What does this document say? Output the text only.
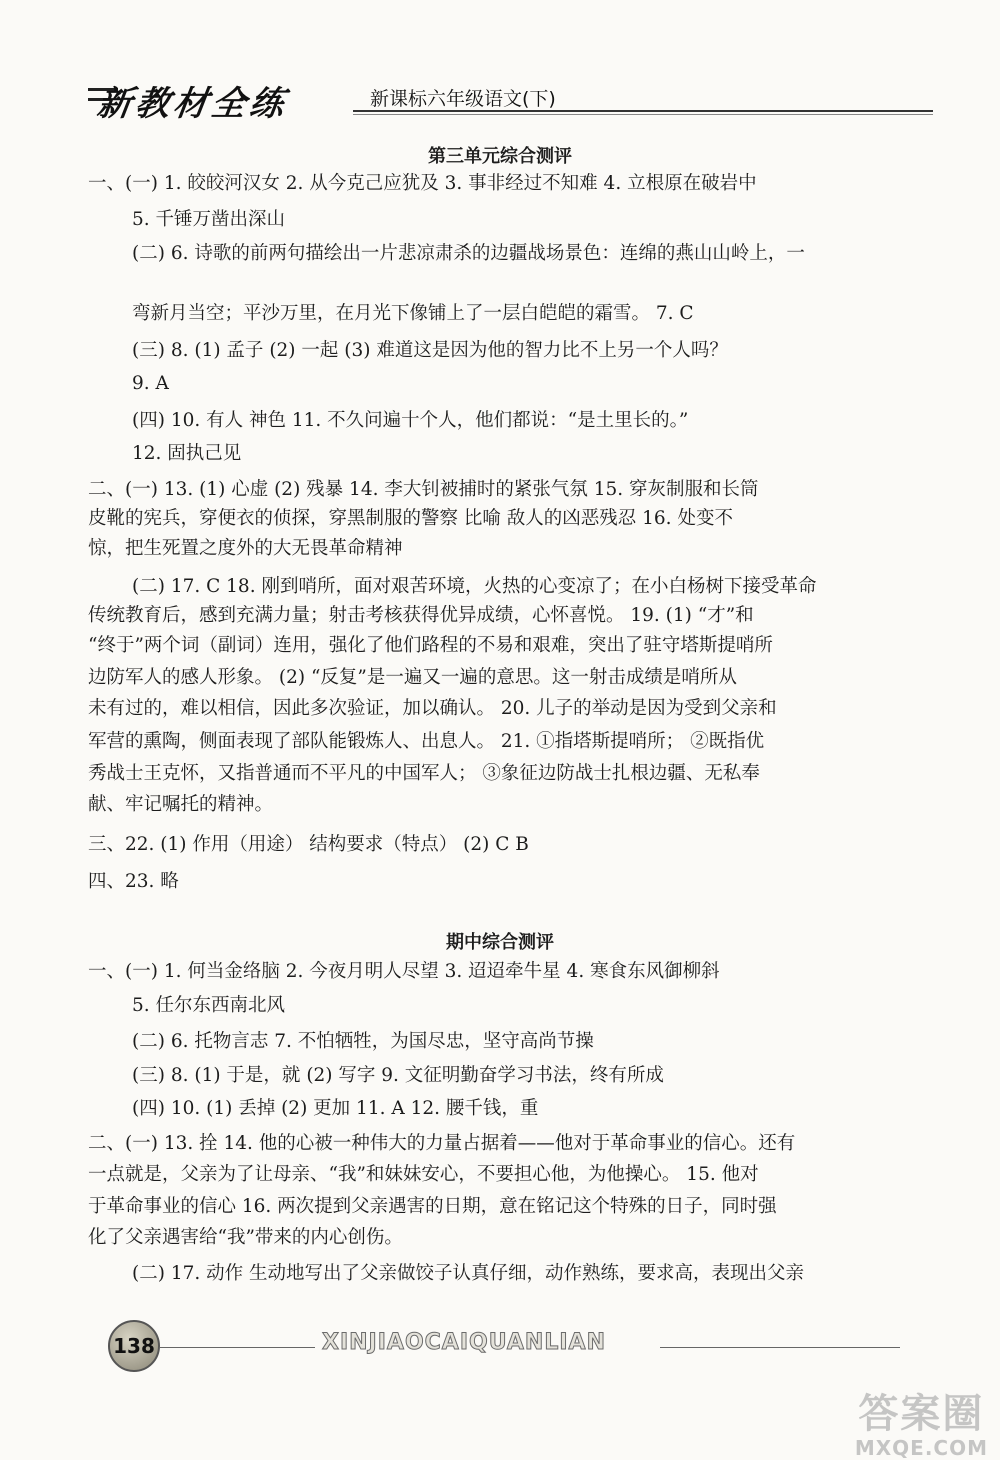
新教材全练	新课标六年级语文(下)
第三单元综合测评
一、(一) 1. 皎皎河汉女 2. 从今克己应犹及 3. 事非经过不知难 4. 立根原在破岩中
5. 千锤万凿出深山
(二) 6. 诗歌的前两句描绘出一片悲凉肃杀的边疆战场景色：连绵的燕山山岭上，一
弯新月当空；平沙万里，在月光下像铺上了一层白皑皑的霜雪。 7. C
(三) 8. (1) 孟子 (2) 一起 (3) 难道这是因为他的智力比不上另一个人吗？
9. A
(四) 10. 有人 神色 11. 不久问遍十个人，他们都说：“是土里长的。”
12. 固执己见
二、(一) 13. (1) 心虚 (2) 残暴 14. 李大钊被捕时的紧张气氛 15. 穿灰制服和长筒
皮靴的宪兵，穿便衣的侦探，穿黑制服的警察 比喻 敌人的凶恶残忍 16. 处变不
惊，把生死置之度外的大无畏革命精神
(二) 17. C 18. 刚到哨所，面对艰苦环境，火热的心变凉了；在小白杨树下接受革命
传统教育后，感到充满力量；射击考核获得优异成绩，心怀喜悦。 19. (1) “才”和
“终于”两个词（副词）连用，强化了他们路程的不易和艰难，突出了驻守塔斯提哨所
边防军人的感人形象。 (2) “反复”是一遍又一遍的意思。这一射击成绩是哨所从
未有过的，难以相信，因此多次验证，加以确认。 20. 儿子的举动是因为受到父亲和
军营的熏陶，侧面表现了部队能锻炼人、出息人。 21. ①指塔斯提哨所； ②既指优
秀战士王克怀，又指普通而不平凡的中国军人； ③象征边防战士扎根边疆、无私奉
献、牢记嘱托的精神。
三、22. (1) 作用（用途） 结构要求（特点） (2) C B
四、23. 略
期中综合测评
一、(一) 1. 何当金络脑 2. 今夜月明人尽望 3. 迢迢牵牛星 4. 寒食东风御柳斜
5. 任尔东西南北风
(二) 6. 托物言志 7. 不怕牺牲，为国尽忠，坚守高尚节操
(三) 8. (1) 于是，就 (2) 写字 9. 文征明勤奋学习书法，终有所成
(四) 10. (1) 丢掉 (2) 更加 11. A 12. 腰千钱，重
二、(一) 13. 拴 14. 他的心被一种伟大的力量占据着——他对于革命事业的信心。还有
一点就是，父亲为了让母亲、“我”和妹妹安心，不要担心他，为他操心。 15. 他对
于革命事业的信心 16. 两次提到父亲遇害的日期，意在铭记这个特殊的日子，同时强
化了父亲遇害给“我”带来的内心创伤。
(二) 17. 动作 生动地写出了父亲做饺子认真仔细，动作熟练，要求高，表现出父亲
138	XINJIAOCAIQUANLIAN
答案圈
MXQE.COM
